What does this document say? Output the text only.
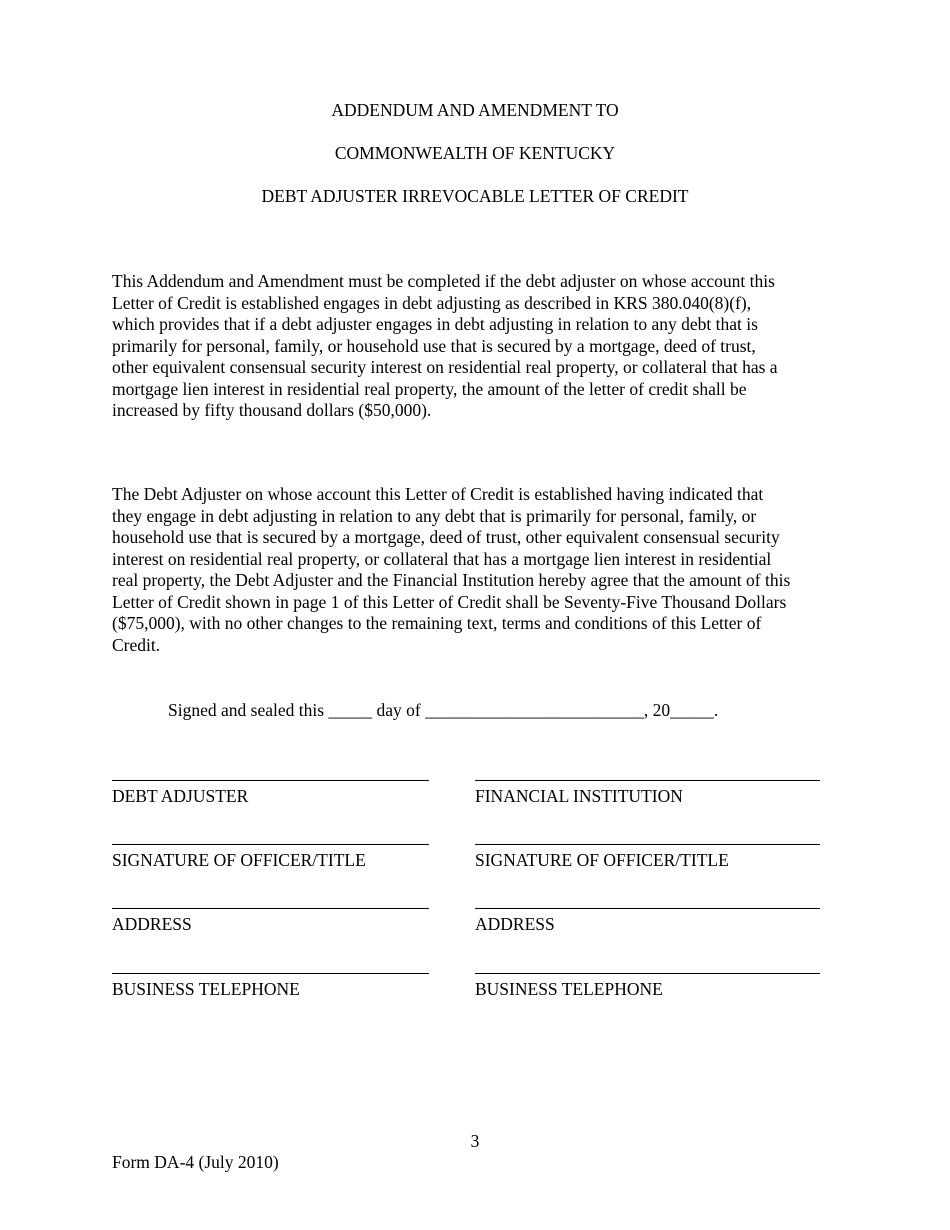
ADDENDUM AND AMENDMENT TO
COMMONWEALTH OF KENTUCKY
DEBT ADJUSTER IRREVOCABLE LETTER OF CREDIT
This Addendum and Amendment must be completed if the debt adjuster on whose account this
Letter of Credit is established engages in debt adjusting as described in KRS 380.040(8)(f),
which provides that if a debt adjuster engages in debt adjusting in relation to any debt that is
primarily for personal, family, or household use that is secured by a mortgage, deed of trust,
other equivalent consensual security interest on residential real property, or collateral that has a
mortgage lien interest in residential real property, the amount of the letter of credit shall be
increased by fifty thousand dollars ($50,000).
The Debt Adjuster on whose account this Letter of Credit is established having indicated that
they engage in debt adjusting in relation to any debt that is primarily for personal, family, or
household use that is secured by a mortgage, deed of trust, other equivalent consensual security
interest on residential real property, or collateral that has a mortgage lien interest in residential
real property, the Debt Adjuster and the Financial Institution hereby agree that the amount of this
Letter of Credit shown in page 1 of this Letter of Credit shall be Seventy-Five Thousand Dollars
($75,000), with no other changes to the remaining text, terms and conditions of this Letter of
Credit.
Signed and sealed this _____ day of _________________________, 20_____.
DEBT ADJUSTER
SIGNATURE OF OFFICER/TITLE
ADDRESS
BUSINESS TELEPHONE
FINANCIAL INSTITUTION
SIGNATURE OF OFFICER/TITLE
ADDRESS
BUSINESS TELEPHONE
3
Form DA-4 (July 2010)
